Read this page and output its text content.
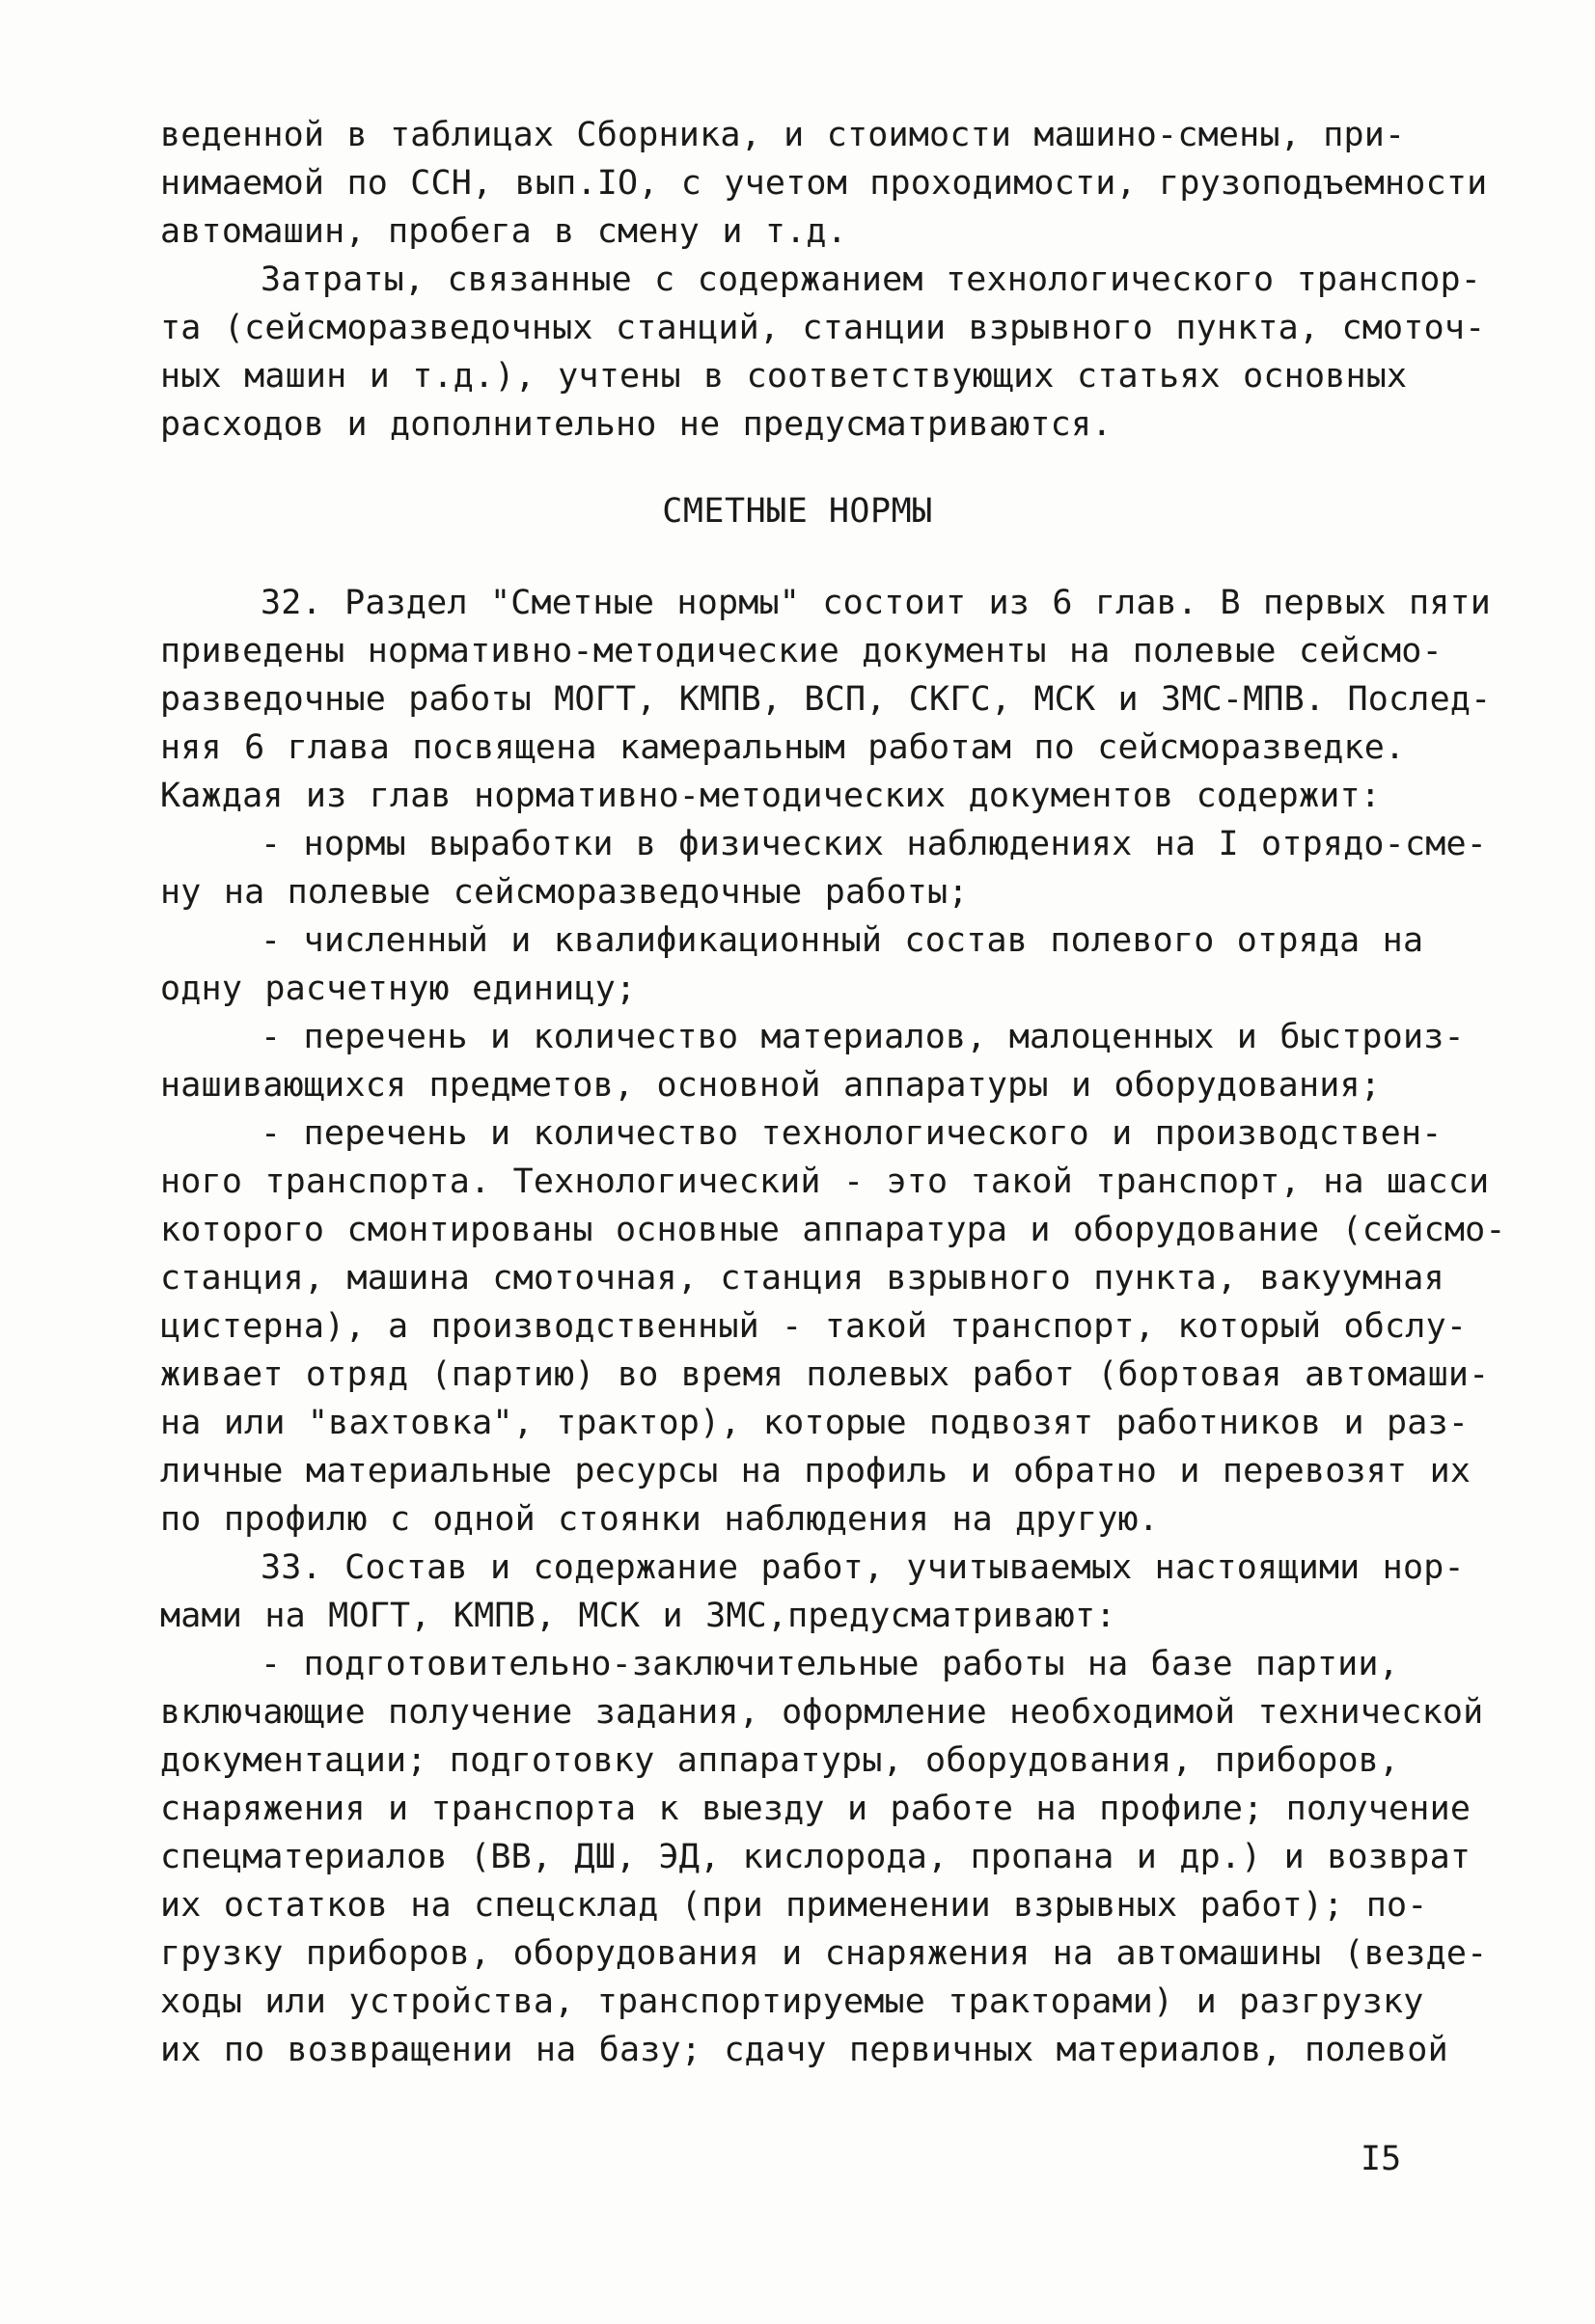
веденной в таблицах Сборника, и стоимости машино-смены, при-
нимаемой по ССН, вып.IO, с учетом проходимости, грузоподъемности
автомашин, пробега в смену и т.д.
Затраты, связанные с содержанием технологического транспор-
та (сейсморазведочных станций, станции взрывного пункта, смоточ-
ных машин и т.д.), учтены в соответствующих статьях основных
расходов и дополнительно не предусматриваются.
СМЕТНЫЕ НОРМЫ
32. Раздел "Сметные нормы" состоит из 6 глав. В первых пяти
приведены нормативно-методические документы на полевые сейсмо-
разведочные работы МОГТ, КМПВ, ВСП, СКГС, МСК и ЗМС-МПВ. Послед-
няя 6 глава посвящена камеральным работам по сейсморазведке.
Каждая из глав нормативно-методических документов содержит:
- нормы выработки в физических наблюдениях на I отрядо-сме-
ну на полевые сейсморазведочные работы;
- численный и квалификационный состав полевого отряда на
одну расчетную единицу;
- перечень и количество материалов, малоценных и быстроиз-
нашивающихся предметов, основной аппаратуры и оборудования;
- перечень и количество технологического и производствен-
ного транспорта. Технологический - это такой транспорт, на шасси
которого смонтированы основные аппаратура и оборудование (сейсмо-
станция, машина смоточная, станция взрывного пункта, вакуумная
цистерна), а производственный - такой транспорт, который обслу-
живает отряд (партию) во время полевых работ (бортовая автомаши-
на или "вахтовка", трактор), которые подвозят работников и раз-
личные материальные ресурсы на профиль и обратно и перевозят их
по профилю с одной стоянки наблюдения на другую.
33. Состав и содержание работ, учитываемых настоящими нор-
мами на МОГТ, КМПВ, МСК и ЗМС,предусматривают:
- подготовительно-заключительные работы на базе партии,
включающие получение задания, оформление необходимой технической
документации; подготовку аппаратуры, оборудования, приборов,
снаряжения и транспорта к выезду и работе на профиле; получение
спецматериалов (ВВ, ДШ, ЭД, кислорода, пропана и др.) и возврат
их остатков на спецсклад (при применении взрывных работ); по-
грузку приборов, оборудования и снаряжения на автомашины (везде-
ходы или устройства, транспортируемые тракторами) и разгрузку
их по возвращении на базу; сдачу первичных материалов, полевой
I5
